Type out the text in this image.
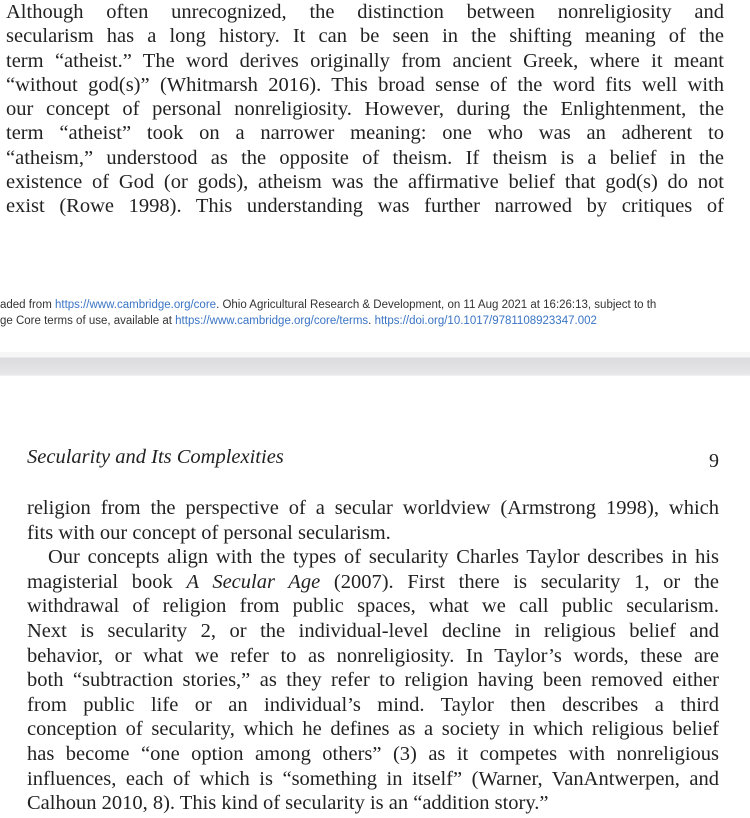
Although often unrecognized, the distinction between nonreligiosity and
secularism has a long history. It can be seen in the shifting meaning of the
term “atheist.” The word derives originally from ancient Greek, where it meant
“without god(s)” (Whitmarsh 2016). This broad sense of the word fits well with
our concept of personal nonreligiosity. However, during the Enlightenment, the
term “atheist” took on a narrower meaning: one who was an adherent to
“atheism,” understood as the opposite of theism. If theism is a belief in the
existence of God (or gods), atheism was the affirmative belief that god(s) do not
exist (Rowe 1998). This understanding was further narrowed by critiques of
aded from https://www.cambridge.org/core. Ohio Agricultural Research & Development, on 11 Aug 2021 at 16:26:13, subject to th
ge Core terms of use, available at https://www.cambridge.org/core/terms. https://doi.org/10.1017/9781108923347.002
Secularity and Its Complexities	9
religion from the perspective of a secular worldview (Armstrong 1998), which
fits with our concept of personal secularism.
Our concepts align with the types of secularity Charles Taylor describes in his
magisterial book A Secular Age (2007). First there is secularity 1, or the
withdrawal of religion from public spaces, what we call public secularism.
Next is secularity 2, or the individual-level decline in religious belief and
behavior, or what we refer to as nonreligiosity. In Taylor’s words, these are
both “subtraction stories,” as they refer to religion having been removed either
from public life or an individual’s mind. Taylor then describes a third
conception of secularity, which he defines as a society in which religious belief
has become “one option among others” (3) as it competes with nonreligious
influences, each of which is “something in itself” (Warner, VanAntwerpen, and
Calhoun 2010, 8). This kind of secularity is an “addition story.”
